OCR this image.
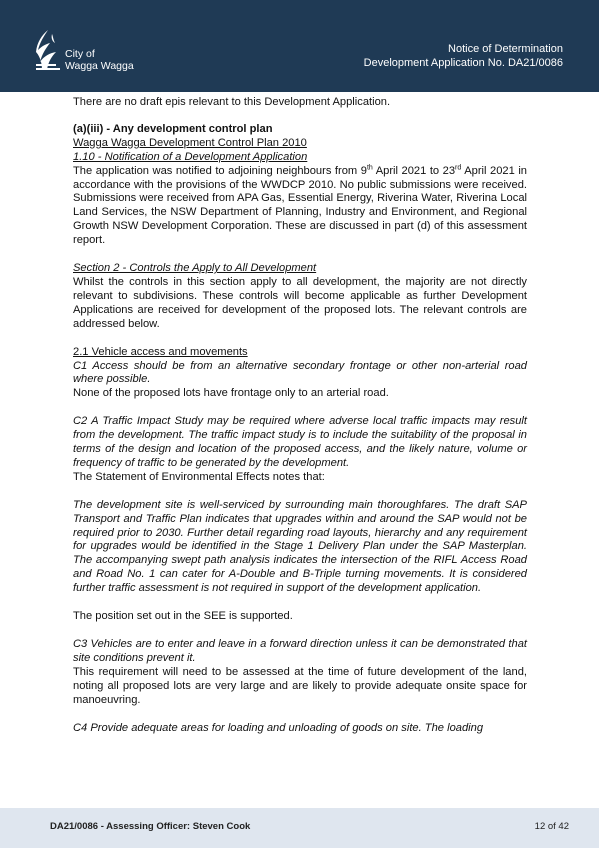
City of
Wagga Wagga
Notice of Determination
Development Application No. DA21/0086

There are no draft epis relevant to this Development Application.

(a)(iii) - Any development control plan

Wagga Wagga Development Control Plan 2010

1.10 - Notification of a Development Application

The application was notified to adjoining neighbours from 9th April 2021 to 23rd April 2021 in accordance with the provisions of the WWDCP 2010. No public submissions were received. Submissions were received from APA Gas, Essential Energy, Riverina Water, Riverina Local Land Services, the NSW Department of Planning, Industry and Environment, and Regional Growth NSW Development Corporation. These are discussed in part (d) of this assessment report.

Section 2 - Controls the Apply to All Development

Whilst the controls in this section apply to all development, the majority are not directly relevant to subdivisions. These controls will become applicable as further Development Applications are received for development of the proposed lots. The relevant controls are addressed below.

2.1 Vehicle access and movements

C1 Access should be from an alternative secondary frontage or other non-arterial road where possible.

None of the proposed lots have frontage only to an arterial road.

C2 A Traffic Impact Study may be required where adverse local traffic impacts may result from the development. The traffic impact study is to include the suitability of the proposal in terms of the design and location of the proposed access, and the likely nature, volume or frequency of traffic to be generated by the development.

The Statement of Environmental Effects notes that:

The development site is well-serviced by surrounding main thoroughfares. The draft SAP Transport and Traffic Plan indicates that upgrades within and around the SAP would not be required prior to 2030. Further detail regarding road layouts, hierarchy and any requirement for upgrades would be identified in the Stage 1 Delivery Plan under the SAP Masterplan. The accompanying swept path analysis indicates the intersection of the RIFL Access Road and Road No. 1 can cater for A-Double and B-Triple turning movements. It is considered further traffic assessment is not required in support of the development application.

The position set out in the SEE is supported.

C3 Vehicles are to enter and leave in a forward direction unless it can be demonstrated that site conditions prevent it.

This requirement will need to be assessed at the time of future development of the land, noting all proposed lots are very large and are likely to provide adequate onsite space for manoeuvring.

C4 Provide adequate areas for loading and unloading of goods on site. The loading

DA21/0086 - Assessing Officer: Steven Cook	12 of 42
